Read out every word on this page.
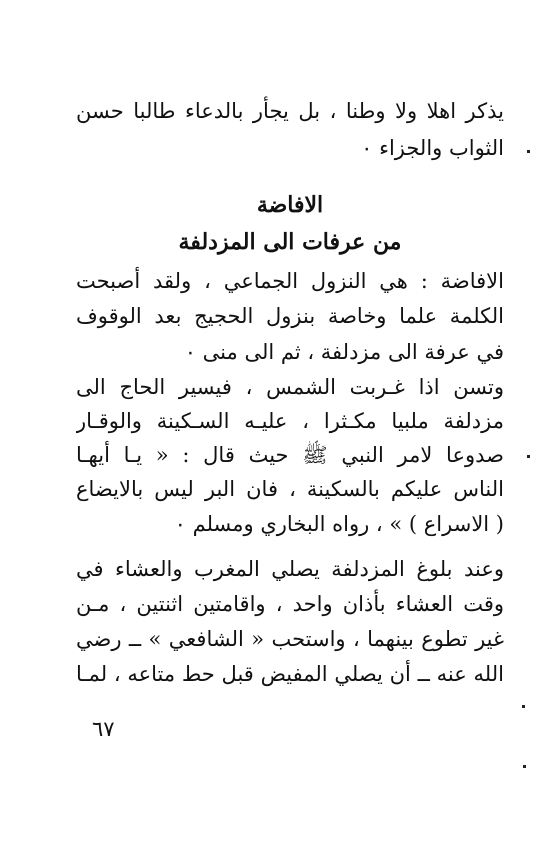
يذكر اهلا ولا وطنا ، بل يجأر بالدعاء طالبا حسن
الثواب والجزاء ٠
الافاضة
من عرفات الى المزدلفة
الافاضة : هي النزول الجماعي ، ولقد أصبحت
الكلمة علما وخاصة بنزول الحجيج بعد الوقوف
في عرفة الى مزدلفة ، ثم الى منى ٠
وتسن اذا غـربت الشمس ، فيسير الحاج الى
مزدلفة ملبيا مكـثرا ، عليـه السـكينة والوقـار
صدوعا لامر النبي ﷺ حيث قال : « يـا أيهـا
الناس عليكم بالسكينة ، فان البر ليس بالايضاع
( الاسراع ) » ، رواه البخاري ومسلم ٠
وعند بلوغ المزدلفة يصلي المغرب والعشاء في
وقت العشاء بأذان واحد ، واقامتين اثنتين ، مـن
غير تطوع بينهما ، واستحب « الشافعي » ــ رضي
الله عنه ــ أن يصلي المفيض قبل حط متاعه ، لمـا
٦٧
